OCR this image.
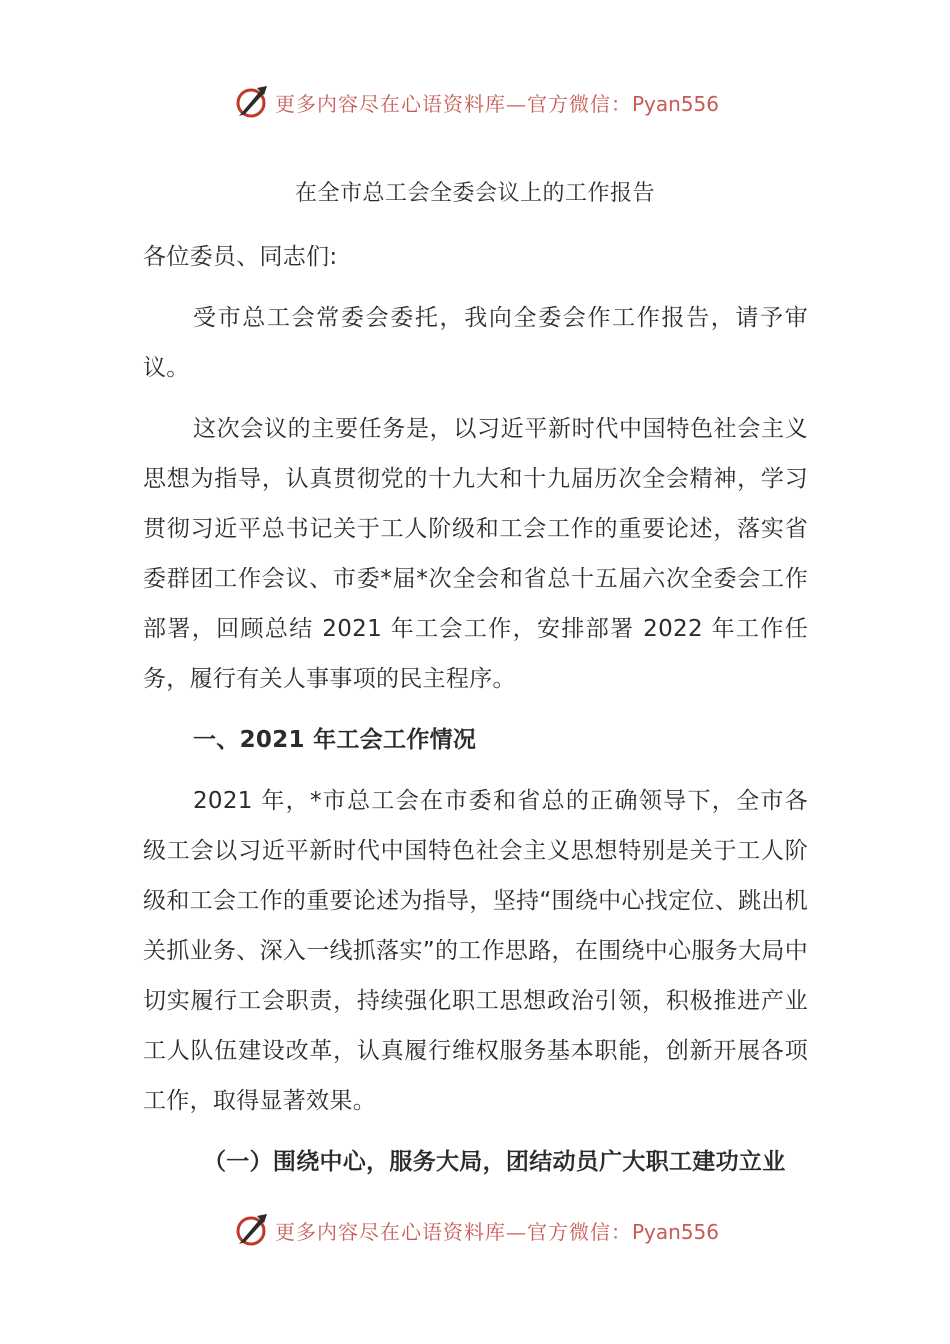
更多内容尽在心语资料库—官方微信：Pyan556
在全市总工会全委会议上的工作报告

各位委员、同志们:

受市总工会常委会委托，我向全委会作工作报告，请予审议。

这次会议的主要任务是，以习近平新时代中国特色社会主义思想为指导，认真贯彻党的十九大和十九届历次全会精神，学习贯彻习近平总书记关于工人阶级和工会工作的重要论述，落实省委群团工作会议、市委*届*次全会和省总十五届六次全委会工作部署，回顾总结 2021 年工会工作，安排部署 2022 年工作任务，履行有关人事事项的民主程序。

一、2021 年工会工作情况

2021 年，*市总工会在市委和省总的正确领导下，全市各级工会以习近平新时代中国特色社会主义思想特别是关于工人阶级和工会工作的重要论述为指导，坚持“围绕中心找定位、跳出机关抓业务、深入一线抓落实”的工作思路，在围绕中心服务大局中切实履行工会职责，持续强化职工思想政治引领，积极推进产业工人队伍建设改革，认真履行维权服务基本职能，创新开展各项工作，取得显著效果。

（一）围绕中心，服务大局，团结动员广大职工建功立业

更多内容尽在心语资料库—官方微信：Pyan556
